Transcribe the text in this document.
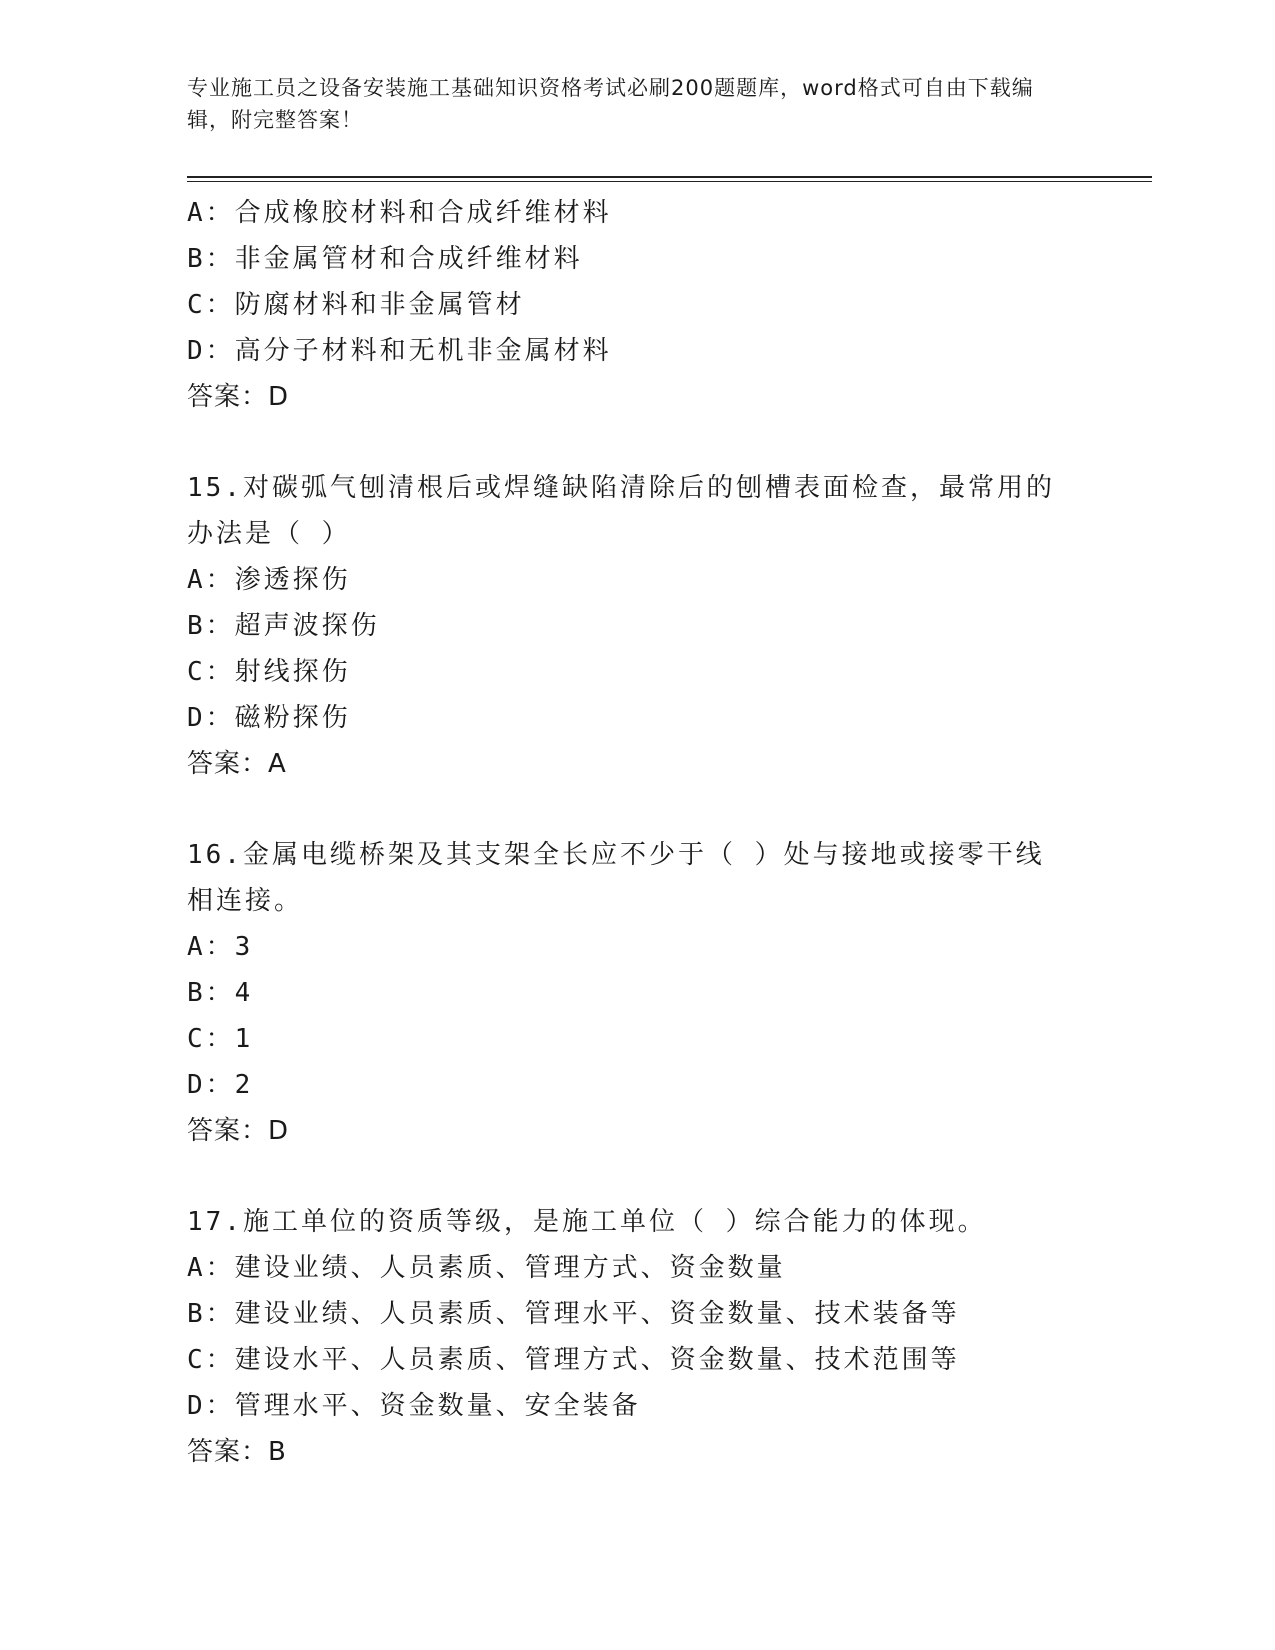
专业施工员之设备安装施工基础知识资格考试必刷200题题库，word格式可自由下载编辑，附完整答案！
A：合成橡胶材料和合成纤维材料
B：非金属管材和合成纤维材料
C：防腐材料和非金属管材
D：高分子材料和无机非金属材料
答案：D
15.对碳弧气刨清根后或焊缝缺陷清除后的刨槽表面检查，最常用的办法是（ ）
A：渗透探伤
B：超声波探伤
C：射线探伤
D：磁粉探伤
答案：A
16.金属电缆桥架及其支架全长应不少于（ ）处与接地或接零干线相连接。
A：3
B：4
C：1
D：2
答案：D
17.施工单位的资质等级，是施工单位（ ）综合能力的体现。
A：建设业绩、人员素质、管理方式、资金数量
B：建设业绩、人员素质、管理水平、资金数量、技术装备等
C：建设水平、人员素质、管理方式、资金数量、技术范围等
D：管理水平、资金数量、安全装备
答案：B
